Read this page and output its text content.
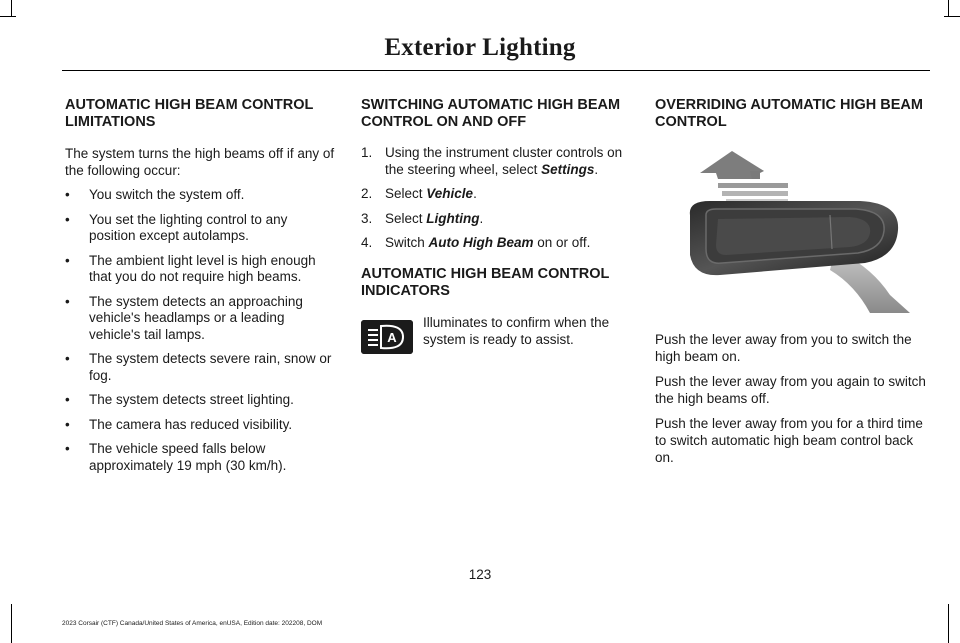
Exterior Lighting
AUTOMATIC HIGH BEAM CONTROL LIMITATIONS

The system turns the high beams off if any of the following occur:

• You switch the system off.
• You set the lighting control to any position except autolamps.
• The ambient light level is high enough that you do not require high beams.
• The system detects an approaching vehicle's headlamps or a leading vehicle's tail lamps.
• The system detects severe rain, snow or fog.
• The system detects street lighting.
• The camera has reduced visibility.
• The vehicle speed falls below approximately 19 mph (30 km/h).
SWITCHING AUTOMATIC HIGH BEAM CONTROL ON AND OFF
1. Using the instrument cluster controls on the steering wheel, select Settings.
2. Select Vehicle.
3. Select Lighting.
4. Switch Auto High Beam on or off.
AUTOMATIC HIGH BEAM CONTROL INDICATORS
A
Illuminates to confirm when the system is ready to assist.
OVERRIDING AUTOMATIC HIGH BEAM CONTROL

Push the lever away from you to switch the high beam on.

Push the lever away from you again to switch the high beams off.

Push the lever away from you for a third time to switch automatic high beam control back on.

123
2023 Corsair (CTF) Canada/United States of America, enUSA, Edition date: 202208, DOM
